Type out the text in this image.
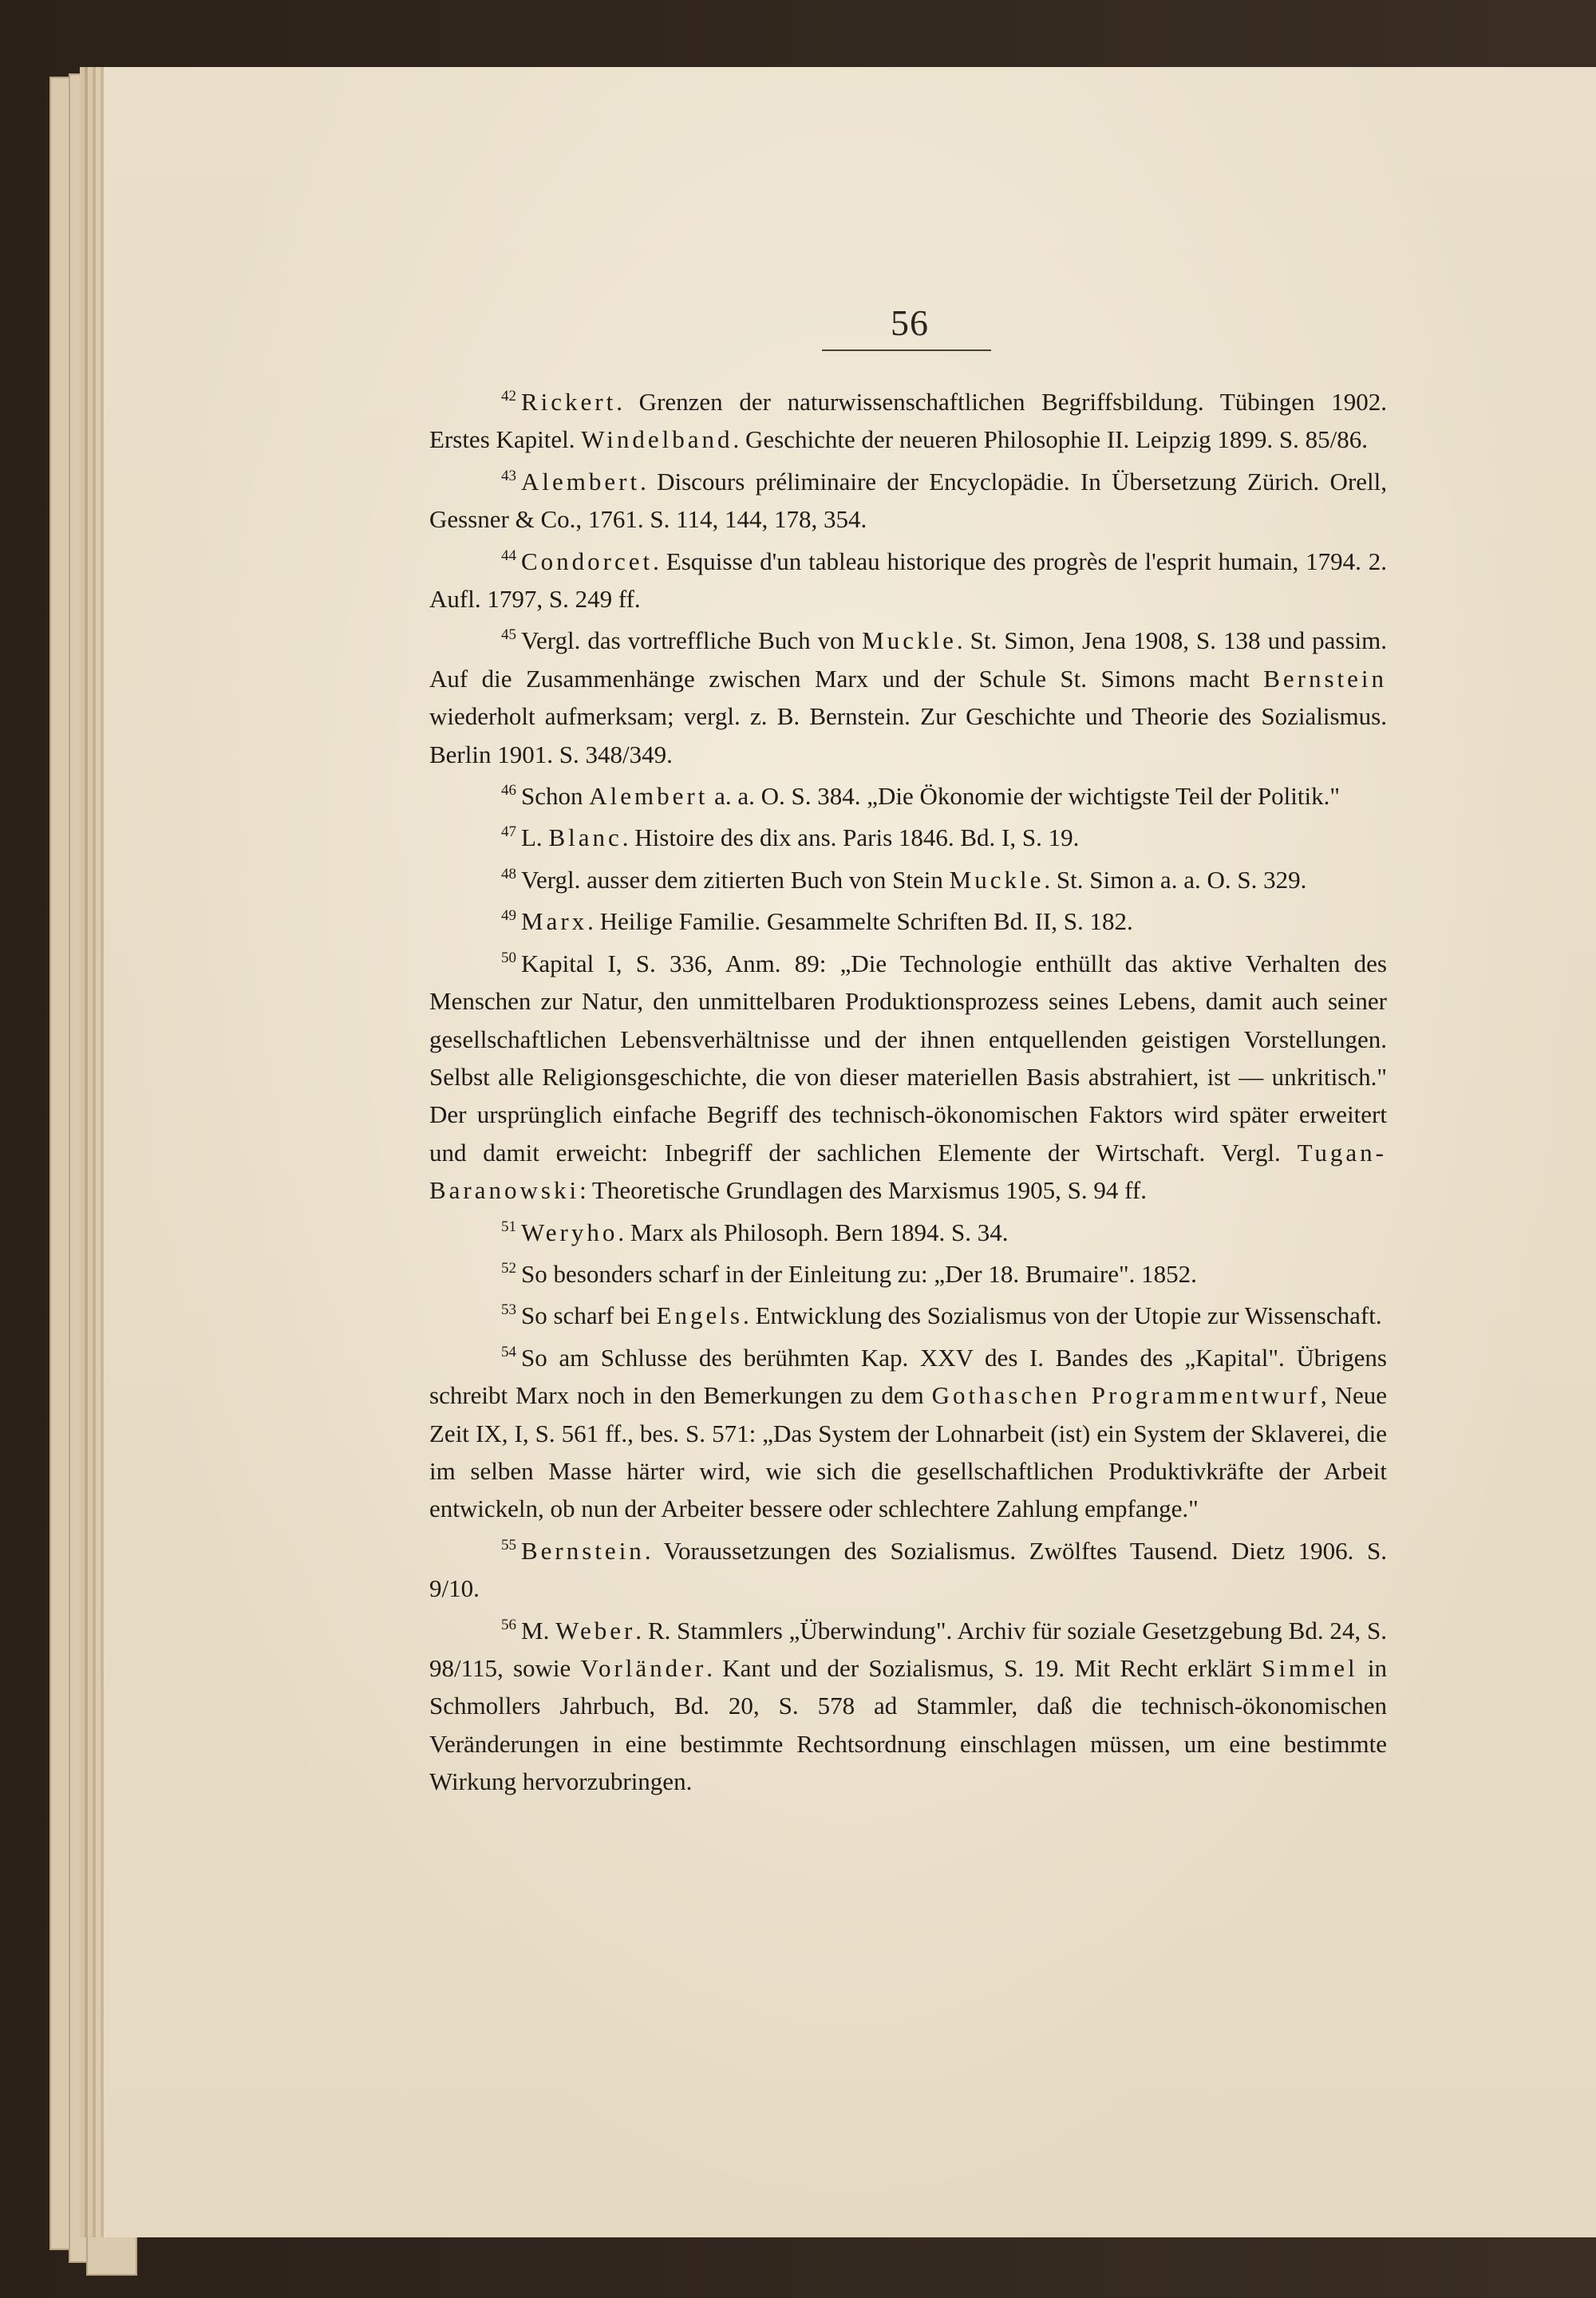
56

$^{42}$ Rickert. Grenzen der naturwissenschaftlichen Begriffsbildung. Tübingen 1902. Erstes Kapitel. Windelband. Geschichte der neueren Philosophie II. Leipzig 1899. S. 85/86.

$^{43}$ Alembert. Discours préliminaire der Encyclopädie. In Übersetzung Zürich. Orell, Gessner & Co., 1761. S. 114, 144, 178, 354.

$^{44}$ Condorcet. Esquisse d'un tableau historique des progrès de l'esprit humain, 1794. 2. Aufl. 1797, S. 249 ff.

$^{45}$ Vergl. das vortreffliche Buch von Muckle. St. Simon, Jena 1908, S. 138 und passim. Auf die Zusammenhänge zwischen Marx und der Schule St. Simons macht Bernstein wiederholt aufmerksam; vergl. z. B. Bernstein. Zur Geschichte und Theorie des Sozialismus. Berlin 1901. S. 348/349.

$^{46}$ Schon Alembert a. a. O. S. 384. „Die Ökonomie der wichtigste Teil der Politik."

$^{47}$ L. Blanc. Histoire des dix ans. Paris 1846. Bd. I, S. 19.

$^{48}$ Vergl. ausser dem zitierten Buch von Stein Muckle. St. Simon a. a. O. S. 329.

$^{49}$ Marx. Heilige Familie. Gesammelte Schriften Bd. II, S. 182.

$^{50}$ Kapital I, S. 336, Anm. 89: „Die Technologie enthüllt das aktive Verhalten des Menschen zur Natur, den unmittelbaren Produktionsprozess seines Lebens, damit auch seiner gesellschaftlichen Lebensverhältnisse und der ihnen entquellenden geistigen Vorstellungen. Selbst alle Religionsgeschichte, die von dieser materiellen Basis abstrahiert, ist — unkritisch." Der ursprünglich einfache Begriff des technisch-ökonomischen Faktors wird später erweitert und damit erweicht: Inbegriff der sachlichen Elemente der Wirtschaft. Vergl. Tugan-Baranowski: Theoretische Grundlagen des Marxismus 1905, S. 94 ff.

$^{51}$ Weryho. Marx als Philosoph. Bern 1894. S. 34.

$^{52}$ So besonders scharf in der Einleitung zu: „Der 18. Brumaire". 1852.

$^{53}$ So scharf bei Engels. Entwicklung des Sozialismus von der Utopie zur Wissenschaft.

$^{54}$ So am Schlusse des berühmten Kap. XXV des I. Bandes des „Kapital". Übrigens schreibt Marx noch in den Bemerkungen zu dem Gothaschen Programmentwurf, Neue Zeit IX, I, S. 561 ff., bes. S. 571: „Das System der Lohnarbeit (ist) ein System der Sklaverei, die im selben Masse härter wird, wie sich die gesellschaftlichen Produktivkräfte der Arbeit entwickeln, ob nun der Arbeiter bessere oder schlechtere Zahlung empfange."

$^{55}$ Bernstein. Voraussetzungen des Sozialismus. Zwölftes Tausend. Dietz 1906. S. 9/10.

$^{56}$ M. Weber. R. Stammlers „Überwindung". Archiv für soziale Gesetzgebung Bd. 24, S. 98/115, sowie Vorländer. Kant und der Sozialismus, S. 19. Mit Recht erklärt Simmel in Schmollers Jahrbuch, Bd. 20, S. 578 ad Stammler, daß die technisch-ökonomischen Veränderungen in eine bestimmte Rechtsordnung einschlagen müssen, um eine bestimmte Wirkung hervorzubringen.
